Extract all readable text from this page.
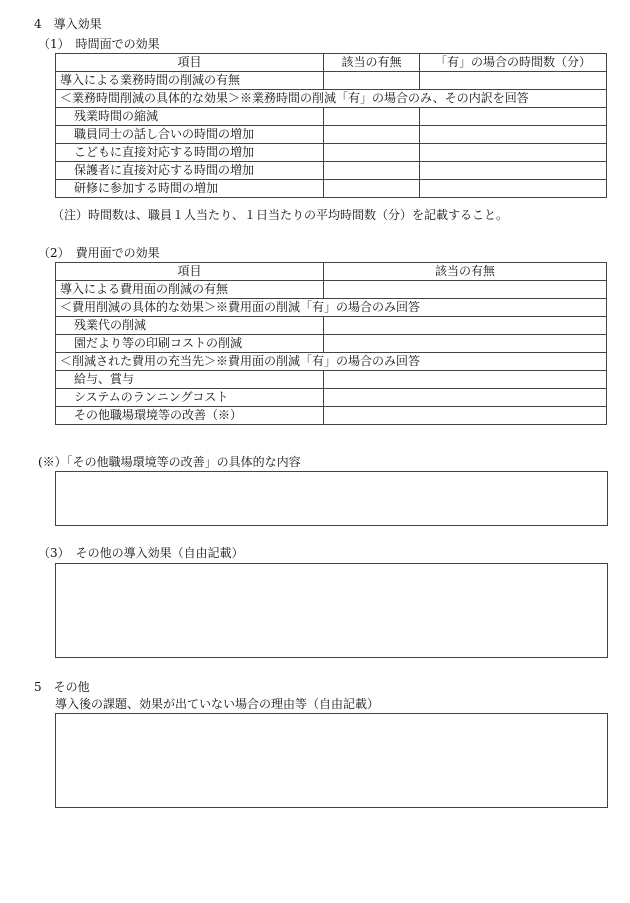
4　導入効果
（1）　時間面での効果
項目	該当の有無	「有」の場合の時間数（分）
導入による業務時間の削減の有無		
＜業務時間削減の具体的な効果＞※業務時間の削減「有」の場合のみ、その内訳を回答		
残業時間の縮減		
職員同士の話し合いの時間の増加		
こどもに直接対応する時間の増加		
保護者に直接対応する時間の増加		
研修に参加する時間の増加		
（注）時間数は、職員１人当たり、１日当たりの平均時間数（分）を記載すること。
（2）　費用面での効果
項目	該当の有無
導入による費用面の削減の有無	
＜費用削減の具体的な効果＞※費用面の削減「有」の場合のみ回答	
残業代の削減	
園だより等の印刷コストの削減	
＜削減された費用の充当先＞※費用面の削減「有」の場合のみ回答	
給与、賞与	
システムのランニングコスト	
その他職場環境等の改善（※）	
(※）「その他職場環境等の改善」の具体的な内容
（3）　その他の導入効果（自由記載）
5　その他
導入後の課題、効果が出ていない場合の理由等（自由記載）
